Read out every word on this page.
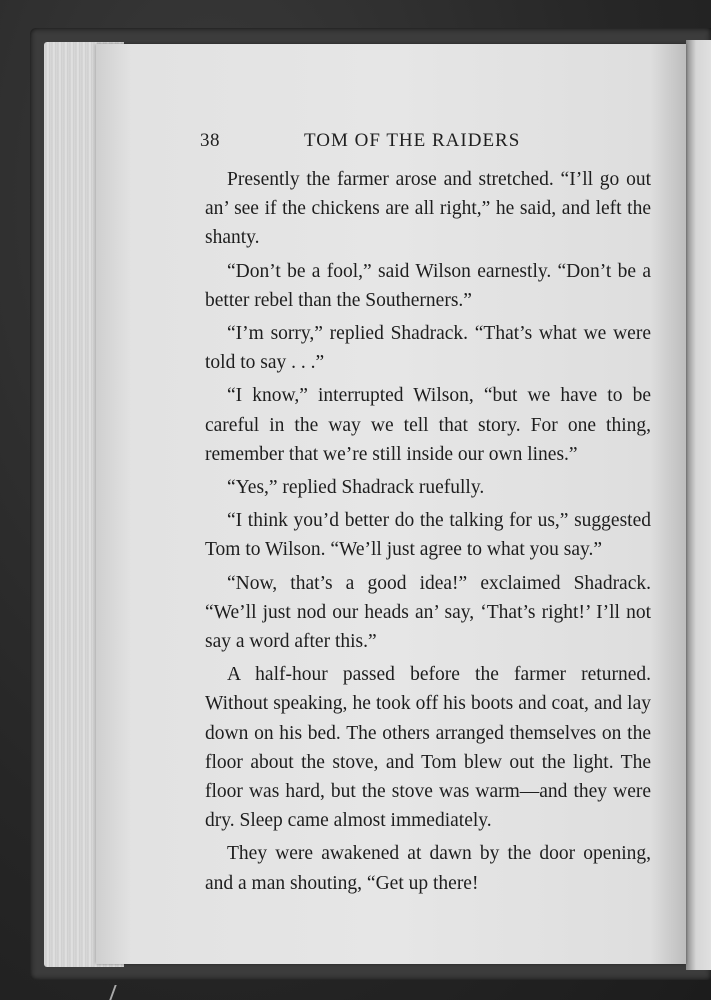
38	TOM OF THE RAIDERS

Presently the farmer arose and stretched. “I’ll go out an’ see if the chickens are all right,” he said, and left the shanty.

“Don’t be a fool,” said Wilson earnestly. “Don’t be a better rebel than the Southerners.”

“I’m sorry,” replied Shadrack. “That’s what we were told to say . . .”

“I know,” interrupted Wilson, “but we have to be careful in the way we tell that story. For one thing, remember that we’re still inside our own lines.”

“Yes,” replied Shadrack ruefully.

“I think you’d better do the talking for us,” suggested Tom to Wilson. “We’ll just agree to what you say.”

“Now, that’s a good idea!” exclaimed Shadrack. “We’ll just nod our heads an’ say, ‘That’s right!’ I’ll not say a word after this.”

A half-hour passed before the farmer returned. Without speaking, he took off his boots and coat, and lay down on his bed. The others arranged themselves on the floor about the stove, and Tom blew out the light. The floor was hard, but the stove was warm—and they were dry. Sleep came almost immediately.

They were awakened at dawn by the door opening, and a man shouting, “Get up there!
